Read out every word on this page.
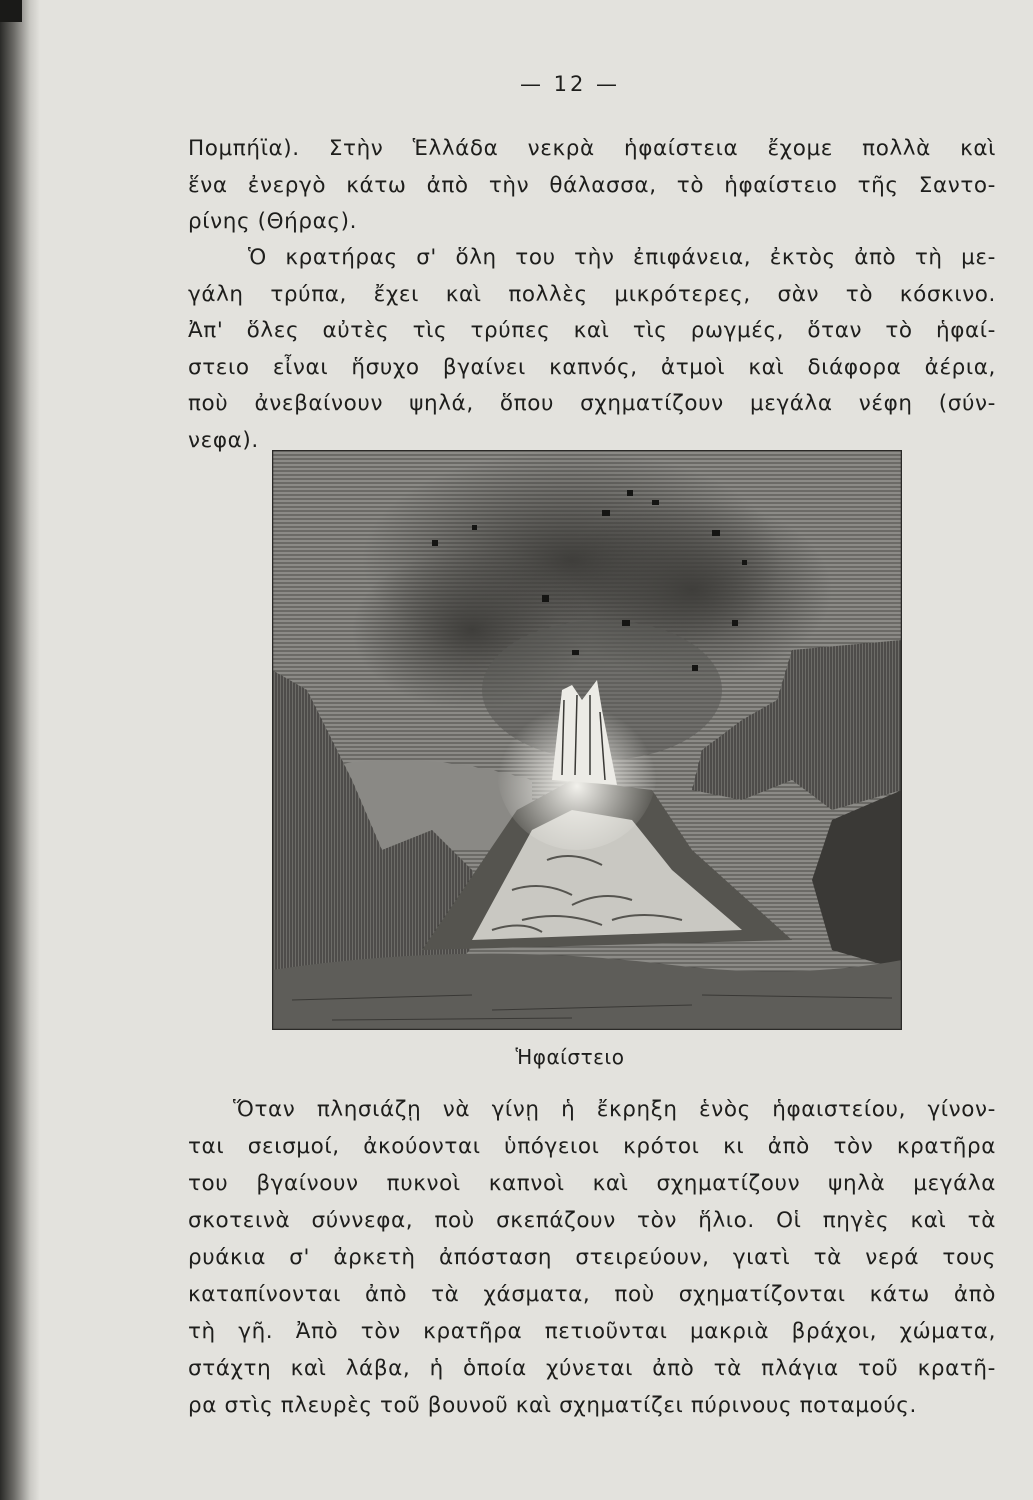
— 12 —
Πομπήϊα). Στὴν Ἑλλάδα νεκρὰ ἡφαίστεια ἔχομε πολλὰ καὶ
ἕνα ἐνεργὸ κάτω ἀπὸ τὴν θάλασσα, τὸ ἡφαίστειο τῆς Σαντο-
ρίνης (Θήρας).
Ὁ κρατήρας σ' ὅλη του τὴν ἐπιφάνεια, ἐκτὸς ἀπὸ τὴ με-
γάλη τρύπα, ἔχει καὶ πολλὲς μικρότερες, σὰν τὸ κόσκινο.
Ἀπ' ὅλες αὐτὲς τὶς τρύπες καὶ τὶς ρωγμές, ὅταν τὸ ἡφαί-
στειο εἶναι ἥσυχο βγαίνει καπνός, ἀτμοὶ καὶ διάφορα ἀέρια,
ποὺ ἀνεβαίνουν ψηλά, ὅπου σχηματίζουν μεγάλα νέφη (σύν-
νεφα).
Ἡφαίστειο
Ὅταν πλησιάζῃ νὰ γίνῃ ἡ ἔκρηξη ἑνὸς ἡφαιστείου, γίνον-
ται σεισμοί, ἀκούονται ὑπόγειοι κρότοι κι ἀπὸ τὸν κρατῆρα
του βγαίνουν πυκνοὶ καπνοὶ καὶ σχηματίζουν ψηλὰ μεγάλα
σκοτεινὰ σύννεφα, ποὺ σκεπάζουν τὸν ἥλιο. Οἱ πηγὲς καὶ τὰ
ρυάκια σ' ἀρκετὴ ἀπόσταση στειρεύουν, γιατὶ τὰ νερά τους
καταπίνονται ἀπὸ τὰ χάσματα, ποὺ σχηματίζονται κάτω ἀπὸ
τὴ γῆ. Ἀπὸ τὸν κρατῆρα πετιοῦνται μακριὰ βράχοι, χώματα,
στάχτη καὶ λάβα, ἡ ὁποία χύνεται ἀπὸ τὰ πλάγια τοῦ κρατῆ-
ρα στὶς πλευρὲς τοῦ βουνοῦ καὶ σχηματίζει πύρινους ποταμούς.
